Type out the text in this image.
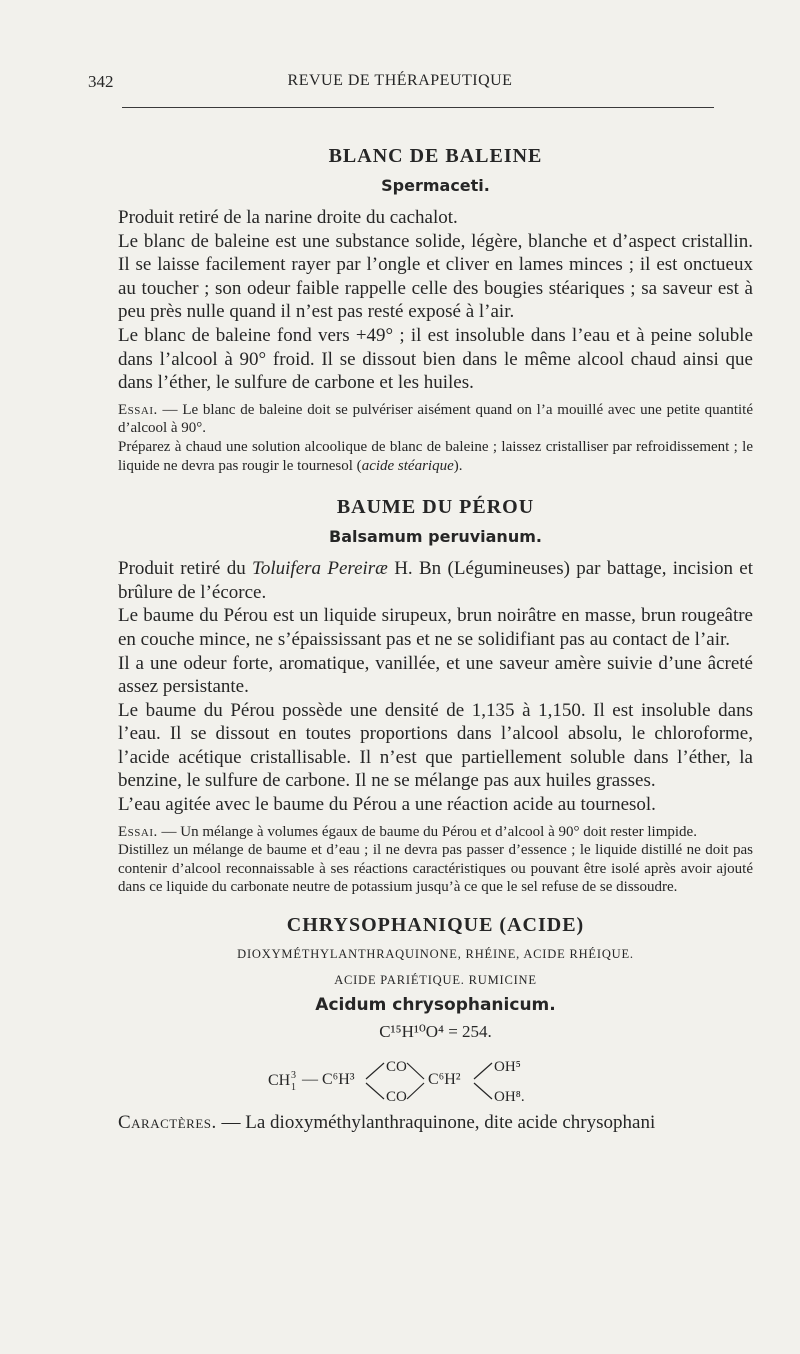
342	REVUE DE THÉRAPEUTIQUE
BLANC DE BALEINE
Spermaceti.

Produit retiré de la narine droite du cachalot.

Le blanc de baleine est une substance solide, légère, blanche et d’aspect cristallin. Il se laisse facilement rayer par l’ongle et cliver en lames minces ; il est onctueux au toucher ; son odeur faible rappelle celle des bougies stéariques ; sa saveur est à peu près nulle quand il n’est pas resté exposé à l’air.

Le blanc de baleine fond vers +49° ; il est insoluble dans l’eau et à peine soluble dans l’alcool à 90° froid. Il se dissout bien dans le même alcool chaud ainsi que dans l’éther, le sulfure de carbone et les huiles.

Essai. — Le blanc de baleine doit se pulvériser aisément quand on l’a mouillé avec une petite quantité d’alcool à 90°.

Préparez à chaud une solution alcoolique de blanc de baleine ; laissez cristalliser par refroidissement ; le liquide ne devra pas rougir le tournesol (acide stéarique).

BAUME DU PÉROU
Balsamum peruvianum.

Produit retiré du Toluifera Pereiræ H. Bn (Légumineuses) par battage, incision et brûlure de l’écorce.

Le baume du Pérou est un liquide sirupeux, brun noirâtre en masse, brun rougeâtre en couche mince, ne s’épaississant pas et ne se solidifiant pas au contact de l’air.

Il a une odeur forte, aromatique, vanillée, et une saveur amère suivie d’une âcreté assez persistante.

Le baume du Pérou possède une densité de 1,135 à 1,150. Il est insoluble dans l’eau. Il se dissout en toutes proportions dans l’alcool absolu, le chloroforme, l’acide acétique cristallisable. Il n’est que partiellement soluble dans l’éther, la benzine, le sulfure de carbone. Il ne se mélange pas aux huiles grasses.

L’eau agitée avec le baume du Pérou a une réaction acide au tournesol.

Essai. — Un mélange à volumes égaux de baume du Pérou et d’alcool à 90° doit rester limpide.

Distillez un mélange de baume et d’eau ; il ne devra pas passer d’essence ; le liquide distillé ne doit pas contenir d’alcool reconnaissable à ses réactions caractéristiques ou pouvant être isolé après avoir ajouté dans ce liquide du carbonate neutre de potassium jusqu’à ce que le sel refuse de se dissoudre.

CHRYSOPHANIQUE (ACIDE)
DIOXYMÉTHYLANTHRAQUINONE, RHÉINE, ACIDE RHÉIQUE.
ACIDE PARIÉTIQUE. RUMICINE
Acidum chrysophanicum.
C¹⁵H¹⁰O⁴ = 254.
CH 3
1 — C⁶H³
CO
CO
C⁶H²
OH⁵
OH⁸.

Caractères. — La dioxyméthylanthraquinone, dite acide chrysophani
